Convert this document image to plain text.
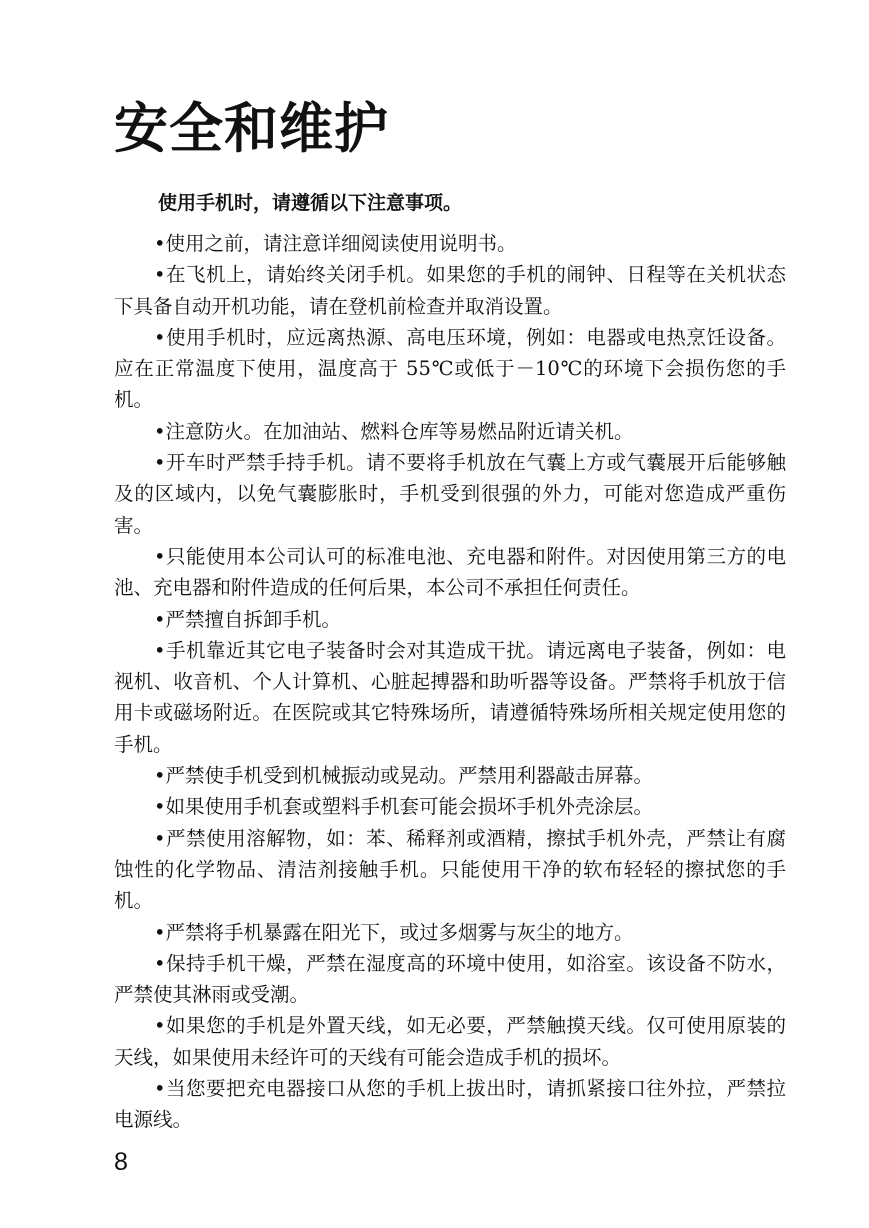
安全和维护

使用手机时，请遵循以下注意事项。

•使用之前，请注意详细阅读使用说明书。

•在飞机上，请始终关闭手机。如果您的手机的闹钟、日程等在关机状态下具备自动开机功能，请在登机前检查并取消设置。

•使用手机时，应远离热源、高电压环境，例如：电器或电热烹饪设备。应在正常温度下使用，温度高于 55℃或低于－10℃的环境下会损伤您的手机。

•注意防火。在加油站、燃料仓库等易燃品附近请关机。

•开车时严禁手持手机。请不要将手机放在气囊上方或气囊展开后能够触及的区域内，以免气囊膨胀时，手机受到很强的外力，可能对您造成严重伤害。

•只能使用本公司认可的标准电池、充电器和附件。对因使用第三方的电池、充电器和附件造成的任何后果，本公司不承担任何责任。

•严禁擅自拆卸手机。

•手机靠近其它电子装备时会对其造成干扰。请远离电子装备，例如：电视机、收音机、个人计算机、心脏起搏器和助听器等设备。严禁将手机放于信用卡或磁场附近。在医院或其它特殊场所，请遵循特殊场所相关规定使用您的手机。

•严禁使手机受到机械振动或晃动。严禁用利器敲击屏幕。

•如果使用手机套或塑料手机套可能会损坏手机外壳涂层。

•严禁使用溶解物，如：苯、稀释剂或酒精，擦拭手机外壳，严禁让有腐蚀性的化学物品、清洁剂接触手机。只能使用干净的软布轻轻的擦拭您的手机。

•严禁将手机暴露在阳光下，或过多烟雾与灰尘的地方。

•保持手机干燥，严禁在湿度高的环境中使用，如浴室。该设备不防水，严禁使其淋雨或受潮。

•如果您的手机是外置天线，如无必要，严禁触摸天线。仅可使用原装的天线，如果使用未经许可的天线有可能会造成手机的损坏。

•当您要把充电器接口从您的手机上拔出时，请抓紧接口往外拉，严禁拉电源线。

8
